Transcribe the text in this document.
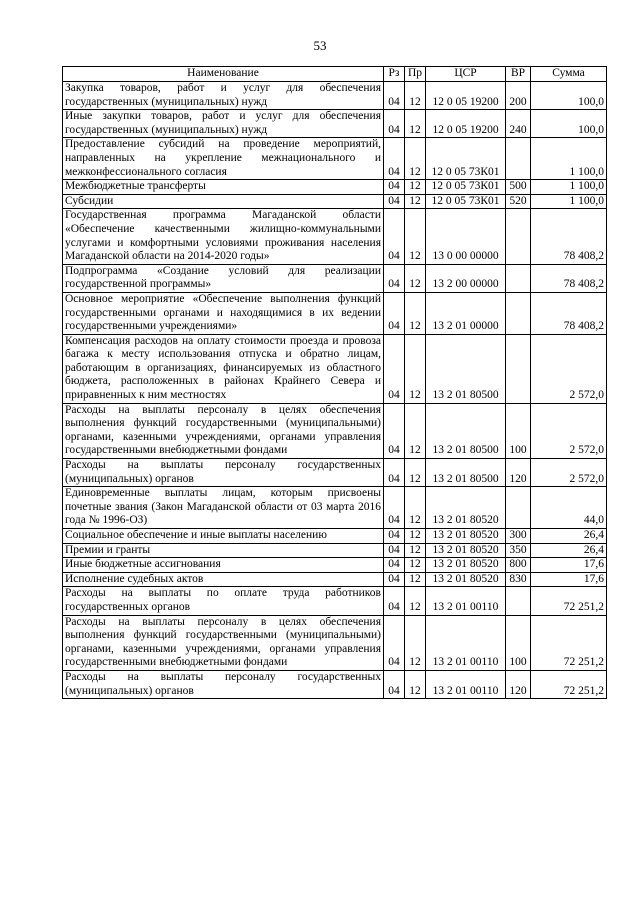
53
Наименование	Рз	Пр	ЦСР	ВР	Сумма
Закупка товаров, работ и услуг для обеспечения государственных (муниципальных) нужд	04	12	12 0 05 19200	200	100,0
Иные закупки товаров, работ и услуг для обеспечения государственных (муниципальных) нужд	04	12	12 0 05 19200	240	100,0
Предоставление субсидий на проведение мероприятий, направленных на укрепление межнационального и межконфессионального согласия	04	12	12 0 05 73К01		1 100,0
Межбюджетные трансферты	04	12	12 0 05 73К01	500	1 100,0
Субсидии	04	12	12 0 05 73К01	520	1 100,0
Государственная программа Магаданской области «Обеспечение качественными жилищно-коммунальными услугами и комфортными условиями проживания населения Магаданской области на 2014-2020 годы»	04	12	13 0 00 00000		78 408,2
Подпрограмма «Создание условий для реализации государственной программы»	04	12	13 2 00 00000		78 408,2
Основное мероприятие «Обеспечение выполнения функций государственными органами и находящимися в их ведении государственными учреждениями»	04	12	13 2 01 00000		78 408,2
Компенсация расходов на оплату стоимости проезда и провоза багажа к месту использования отпуска и обратно лицам, работающим в организациях, финансируемых из областного бюджета, расположенных в районах Крайнего Севера и приравненных к ним местностях	04	12	13 2 01 80500		2 572,0
Расходы на выплаты персоналу в целях обеспечения выполнения функций государственными (муниципальными) органами, казенными учреждениями, органами управления государственными внебюджетными фондами	04	12	13 2 01 80500	100	2 572,0
Расходы на выплаты персоналу государственных (муниципальных) органов	04	12	13 2 01 80500	120	2 572,0
Единовременные выплаты лицам, которым присвоены почетные звания (Закон Магаданской области от 03 марта 2016 года № 1996-ОЗ)	04	12	13 2 01 80520		44,0
Социальное обеспечение и иные выплаты населению	04	12	13 2 01 80520	300	26,4
Премии и гранты	04	12	13 2 01 80520	350	26,4
Иные бюджетные ассигнования	04	12	13 2 01 80520	800	17,6
Исполнение судебных актов	04	12	13 2 01 80520	830	17,6
Расходы на выплаты по оплате труда работников государственных органов	04	12	13 2 01 00110		72 251,2
Расходы на выплаты персоналу в целях обеспечения выполнения функций государственными (муниципальными) органами, казенными учреждениями, органами управления государственными внебюджетными фондами	04	12	13 2 01 00110	100	72 251,2
Расходы на выплаты персоналу государственных (муниципальных) органов	04	12	13 2 01 00110	120	72 251,2
